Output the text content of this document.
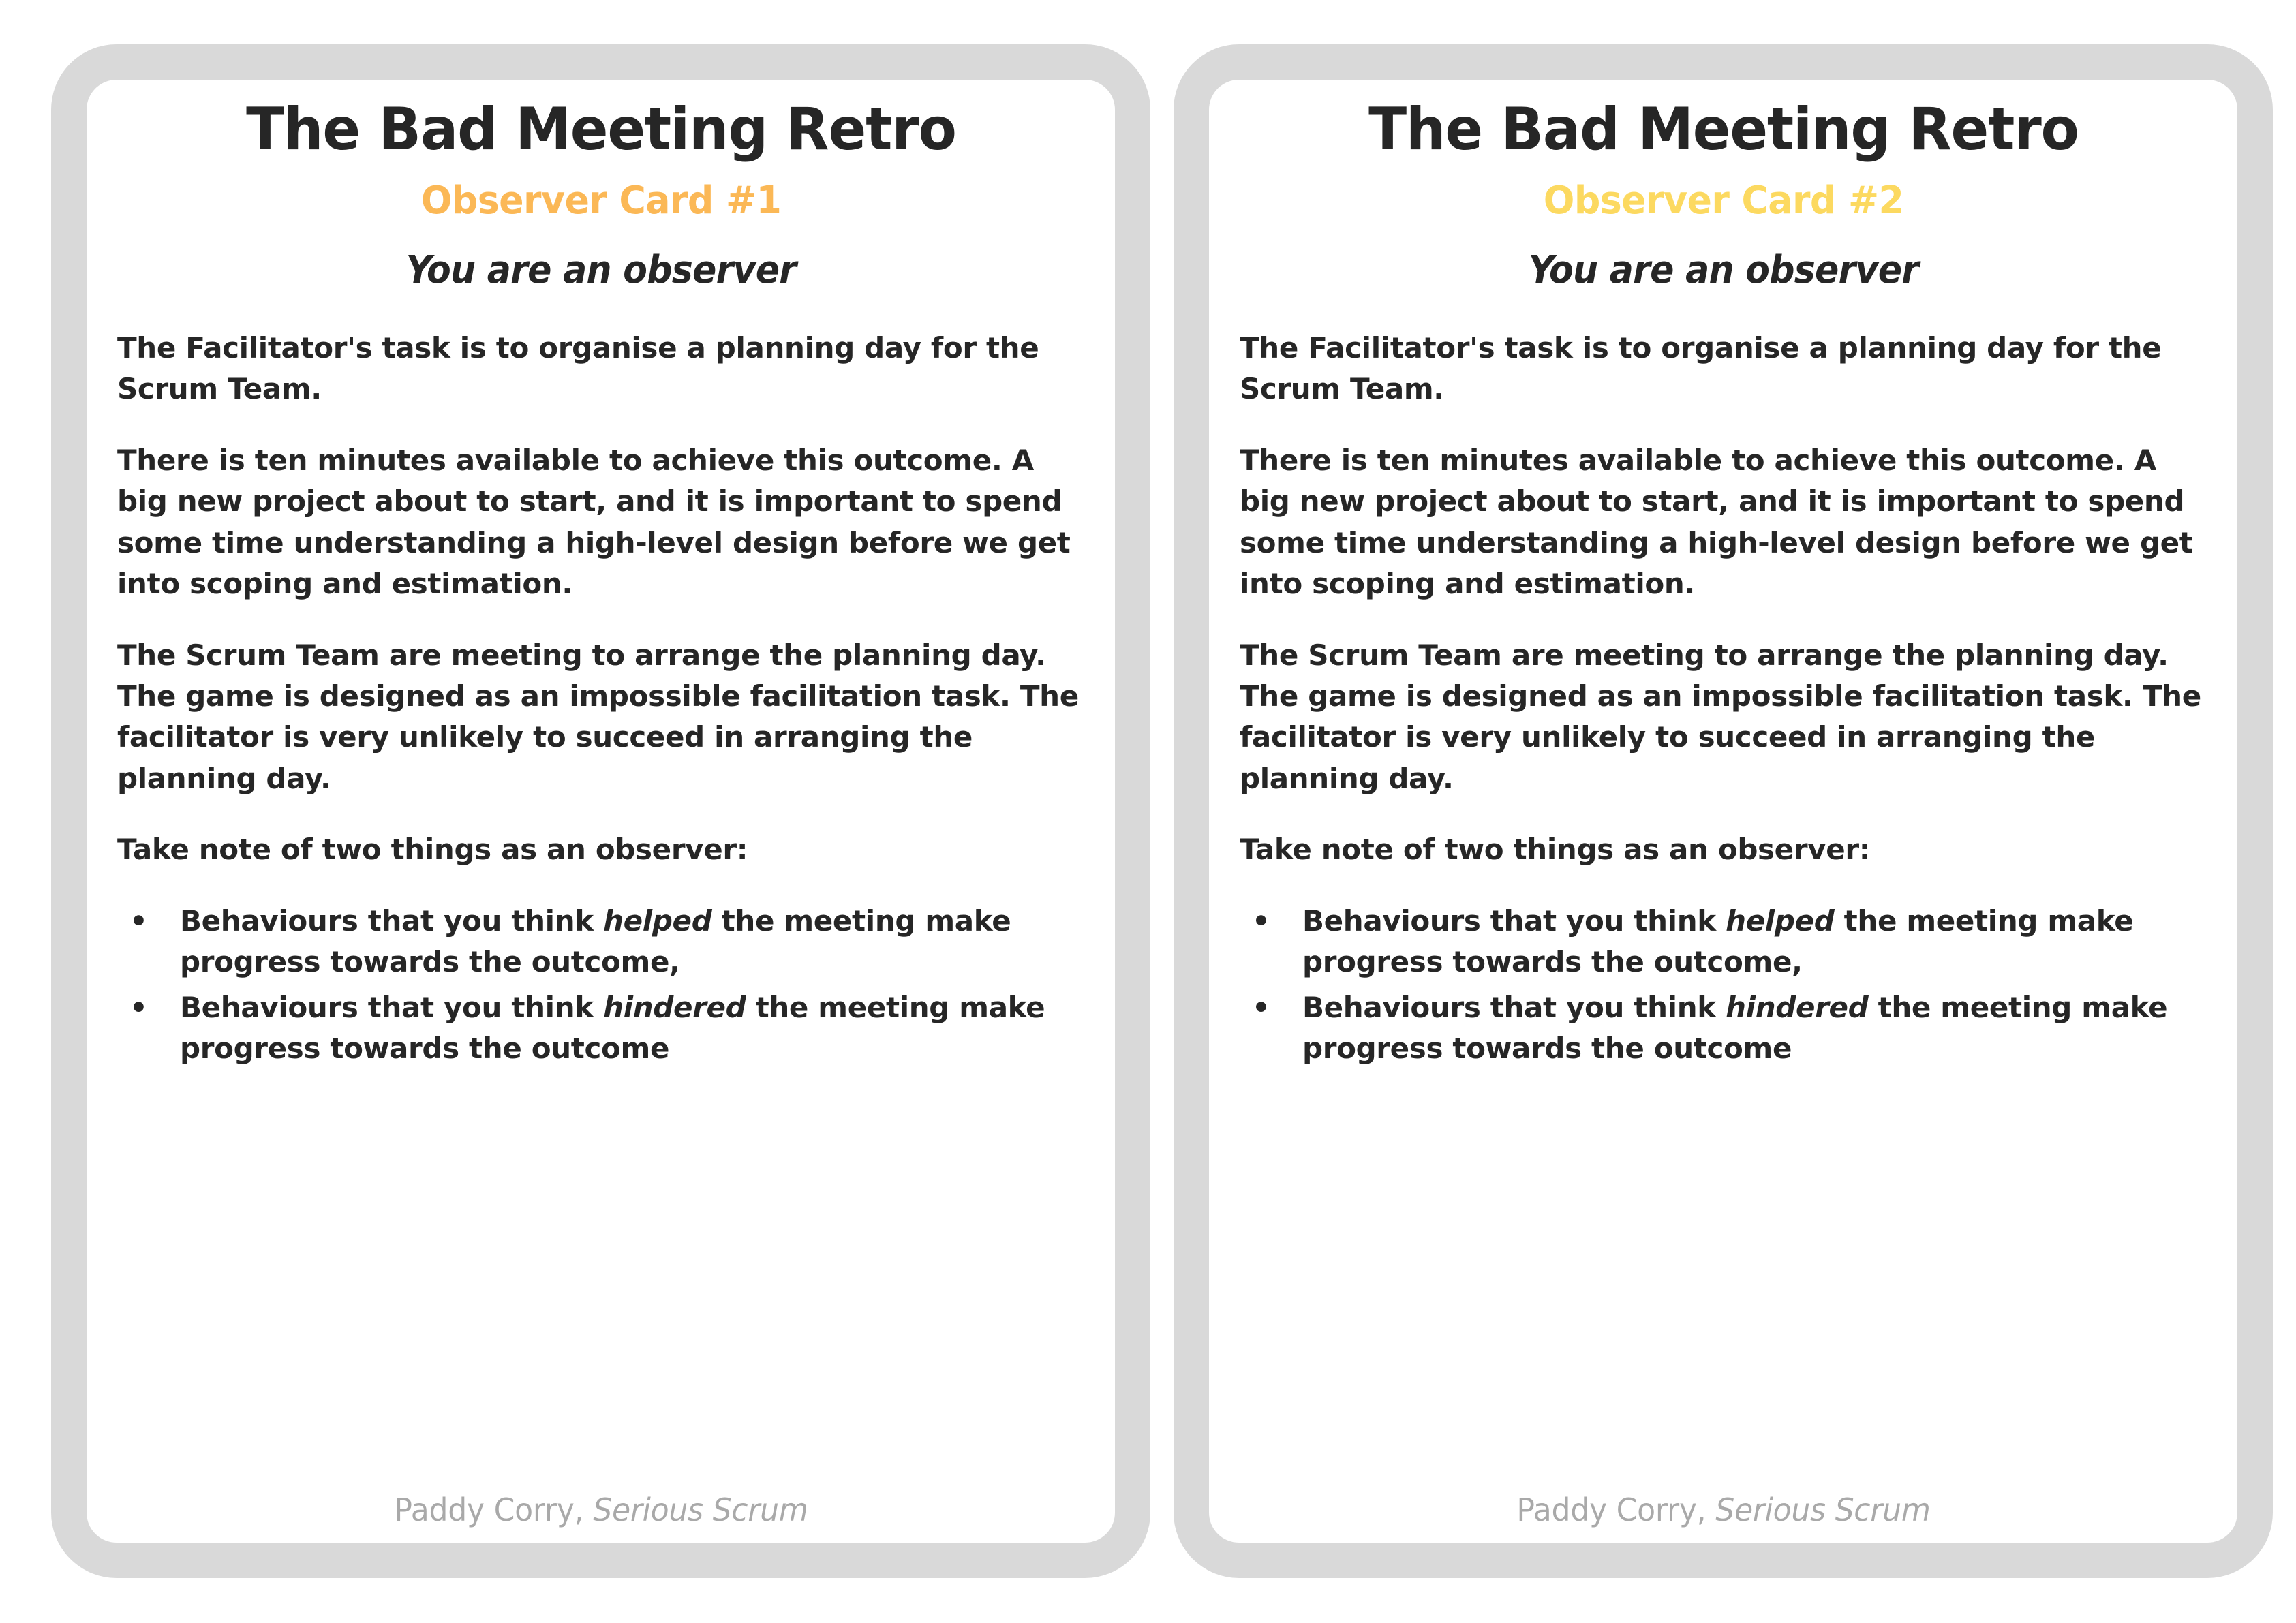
The Bad Meeting Retro
Observer Card #1
You are an observer

The Facilitator's task is to organise a planning day for the Scrum Team.

There is ten minutes available to achieve this outcome. A big new project about to start, and it is important to spend some time understanding a high-level design before we get into scoping and estimation.

The Scrum Team are meeting to arrange the planning day. The game is designed as an impossible facilitation task. The facilitator is very unlikely to succeed in arranging the planning day.

Take note of two things as an observer:

• Behaviours that you think helped the meeting make progress towards the outcome,
• Behaviours that you think hindered the meeting make progress towards the outcome
Paddy Corry, Serious Scrum
The Bad Meeting Retro
Observer Card #2
You are an observer

The Facilitator's task is to organise a planning day for the Scrum Team.

There is ten minutes available to achieve this outcome. A big new project about to start, and it is important to spend some time understanding a high-level design before we get into scoping and estimation.

The Scrum Team are meeting to arrange the planning day. The game is designed as an impossible facilitation task. The facilitator is very unlikely to succeed in arranging the planning day.

Take note of two things as an observer:

• Behaviours that you think helped the meeting make progress towards the outcome,
• Behaviours that you think hindered the meeting make progress towards the outcome
Paddy Corry, Serious Scrum
